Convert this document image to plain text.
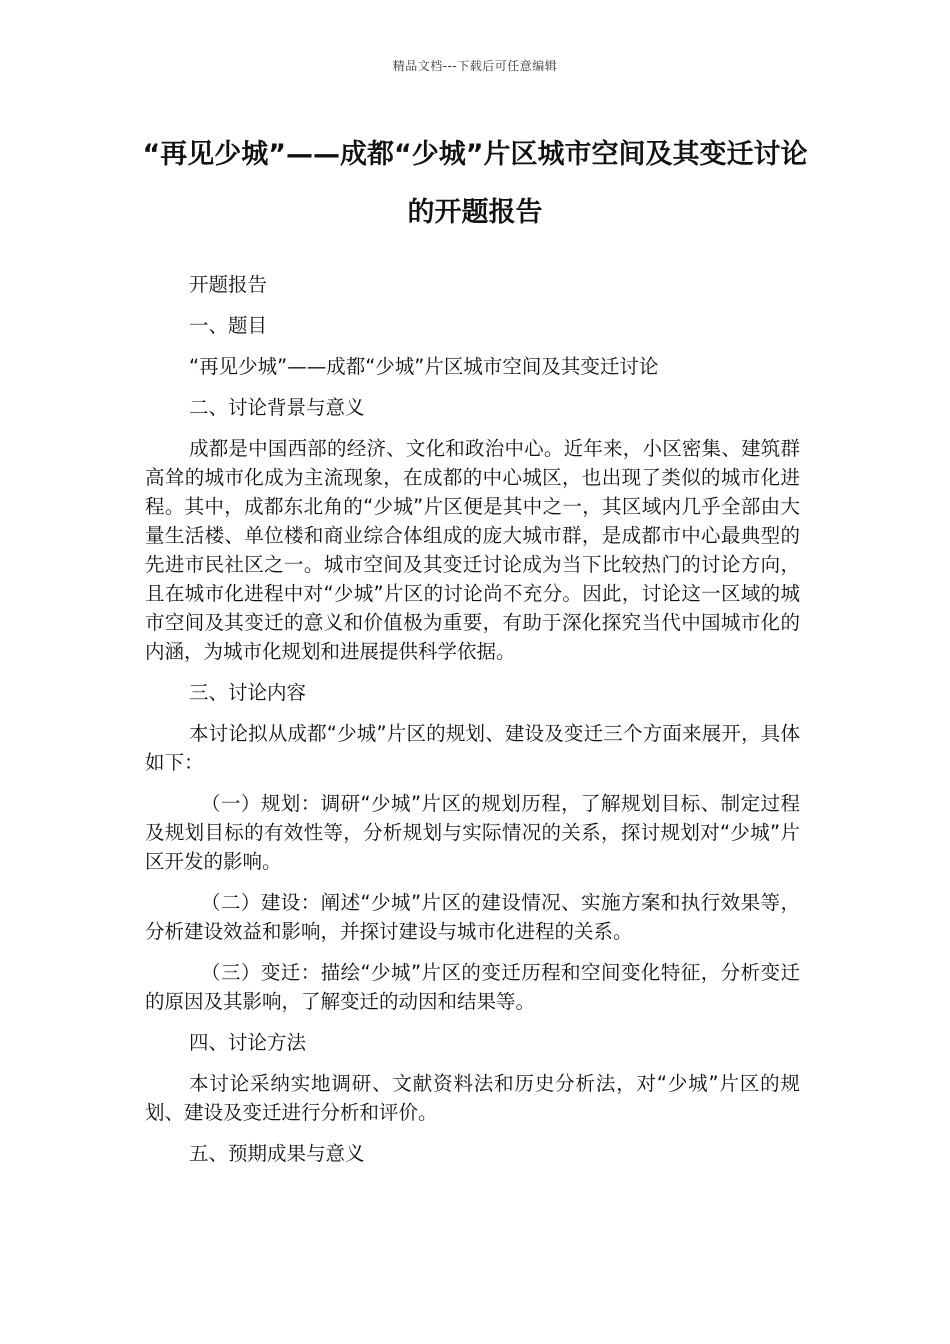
精品文档---下载后可任意编辑
“再见少城”——成都“少城”片区城市空间及其变迁讨论的开题报告

开题报告

一、题目

“再见少城”——成都“少城”片区城市空间及其变迁讨论

二、讨论背景与意义

成都是中国西部的经济、文化和政治中心。近年来，小区密集、建筑群高耸的城市化成为主流现象，在成都的中心城区，也出现了类似的城市化进程。其中，成都东北角的“少城”片区便是其中之一，其区域内几乎全部由大量生活楼、单位楼和商业综合体组成的庞大城市群，是成都市中心最典型的先进市民社区之一。城市空间及其变迁讨论成为当下比较热门的讨论方向，且在城市化进程中对“少城”片区的讨论尚不充分。因此，讨论这一区域的城市空间及其变迁的意义和价值极为重要，有助于深化探究当代中国城市化的内涵，为城市化规划和进展提供科学依据。

三、讨论内容

本讨论拟从成都“少城”片区的规划、建设及变迁三个方面来展开，具体如下：

（一）规划：调研“少城”片区的规划历程，了解规划目标、制定过程及规划目标的有效性等，分析规划与实际情况的关系，探讨规划对“少城”片区开发的影响。

（二）建设：阐述“少城”片区的建设情况、实施方案和执行效果等，分析建设效益和影响，并探讨建设与城市化进程的关系。

（三）变迁：描绘“少城”片区的变迁历程和空间变化特征，分析变迁的原因及其影响，了解变迁的动因和结果等。

四、讨论方法

本讨论采纳实地调研、文献资料法和历史分析法，对“少城”片区的规划、建设及变迁进行分析和评价。

五、预期成果与意义
